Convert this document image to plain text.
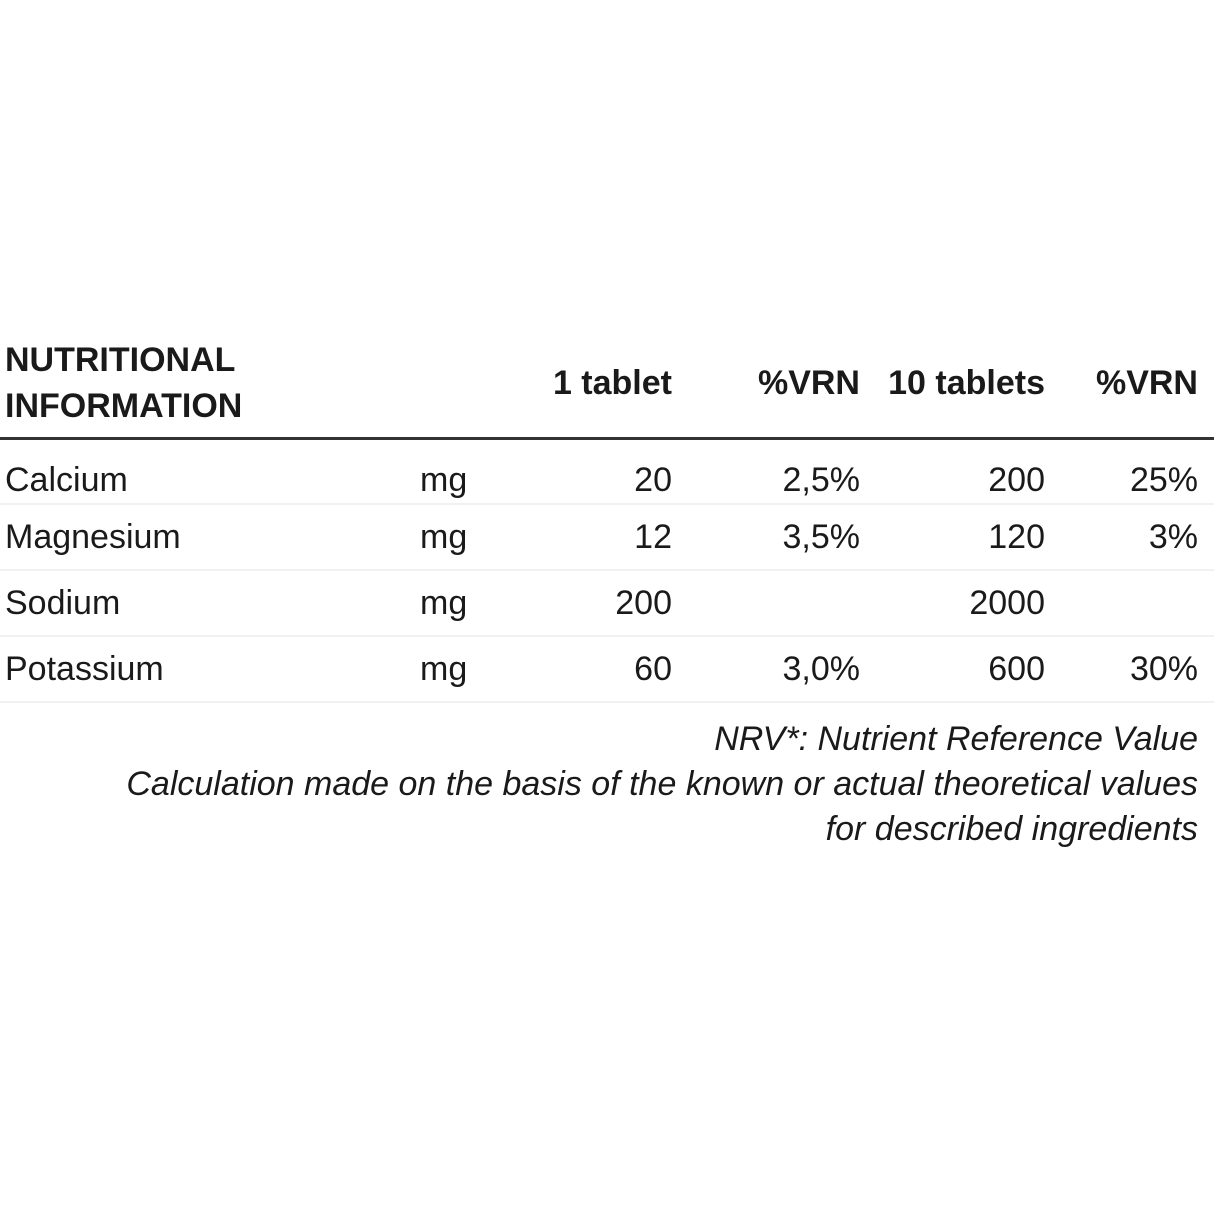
NUTRITIONAL INFORMATION		1 tablet	%VRN	10 tablets	%VRN
Calcium	mg	20	2,5%	200	25%
Magnesium	mg	12	3,5%	120	3%
Sodium	mg	200		2000	
Potassium	mg	60	3,0%	600	30%
NRV*: Nutrient Reference Value
Calculation made on the basis of the known or actual theoretical values for described ingredients
